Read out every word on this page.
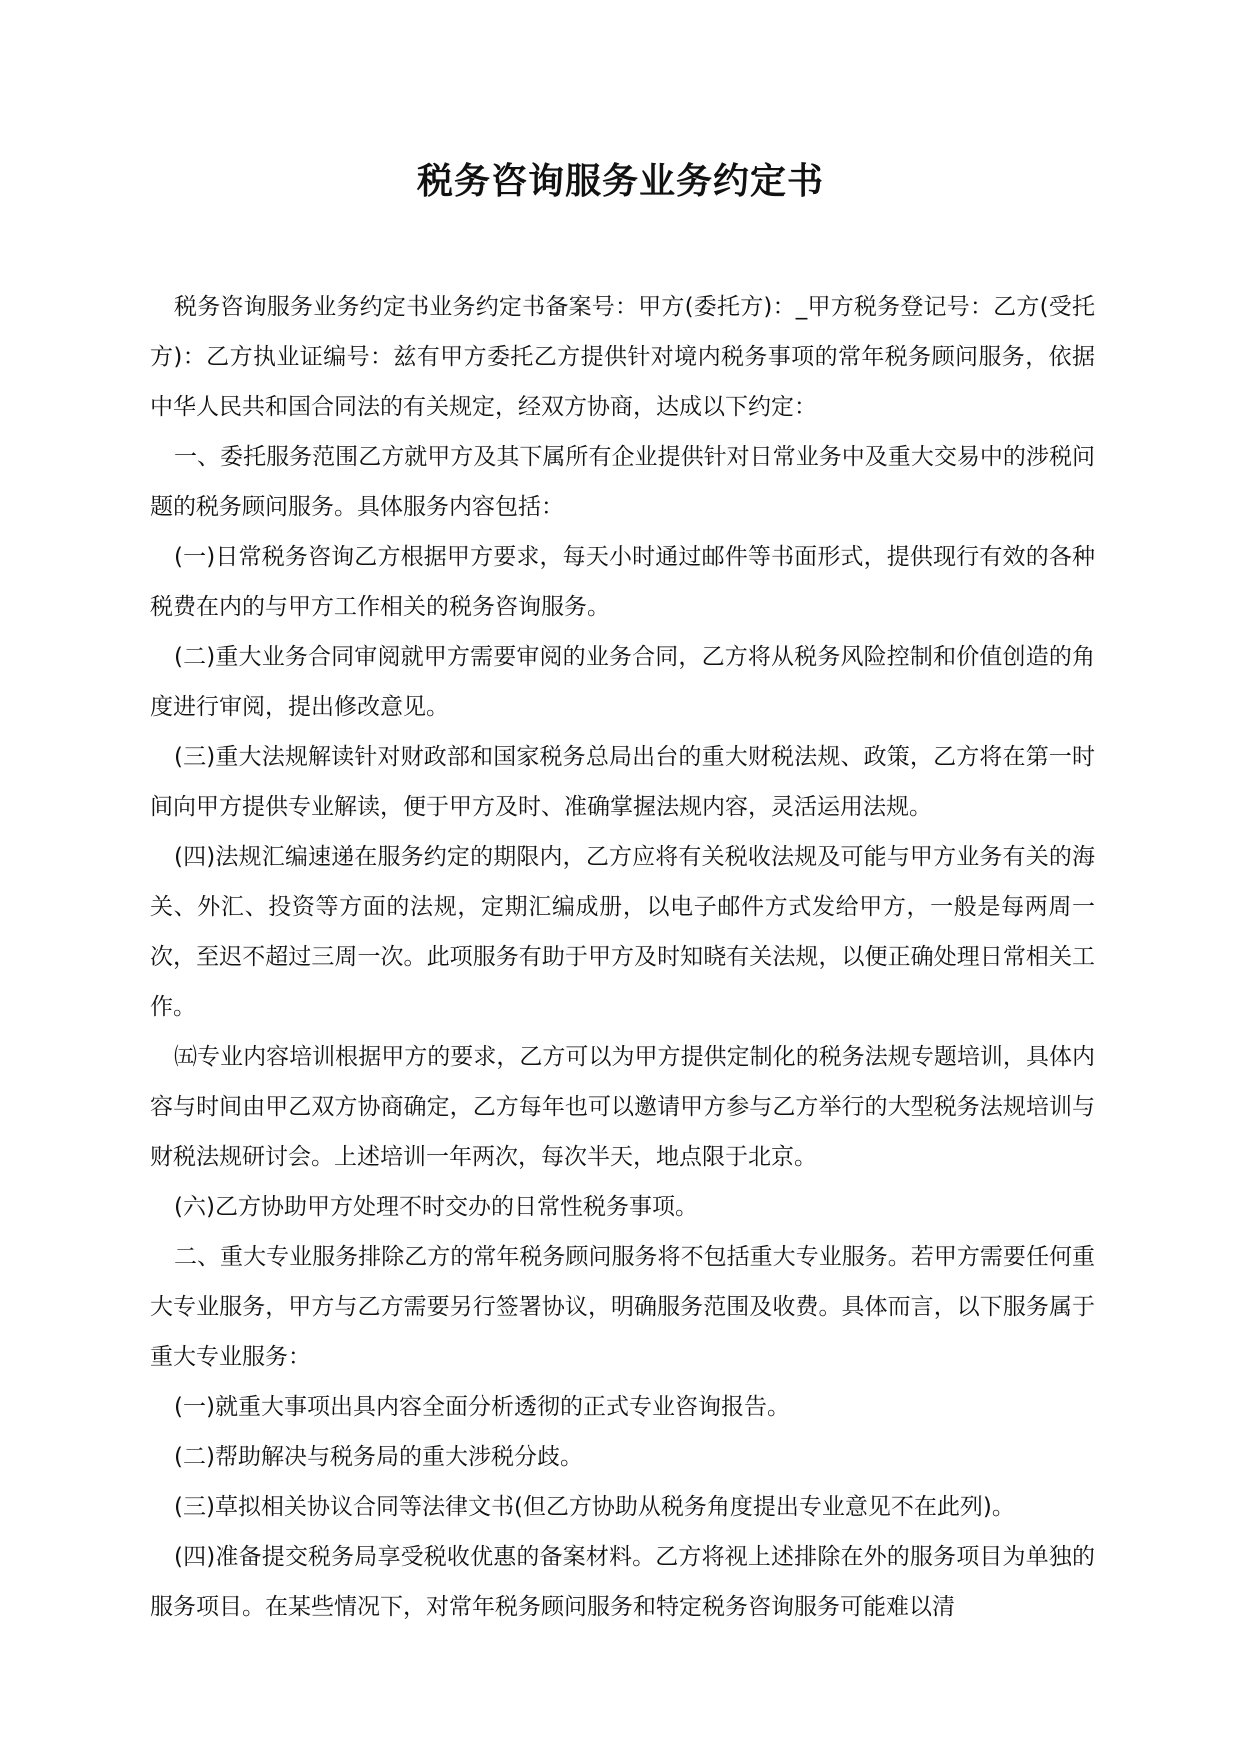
税务咨询服务业务约定书

税务咨询服务业务约定书业务约定书备案号：甲方(委托方)：_甲方税务登记号：乙方(受托方)：乙方执业证编号：兹有甲方委托乙方提供针对境内税务事项的常年税务顾问服务，依据中华人民共和国合同法的有关规定，经双方协商，达成以下约定：

一、委托服务范围乙方就甲方及其下属所有企业提供针对日常业务中及重大交易中的涉税问题的税务顾问服务。具体服务内容包括：

(一)日常税务咨询乙方根据甲方要求，每天小时通过邮件等书面形式，提供现行有效的各种税费在内的与甲方工作相关的税务咨询服务。

(二)重大业务合同审阅就甲方需要审阅的业务合同，乙方将从税务风险控制和价值创造的角度进行审阅，提出修改意见。

(三)重大法规解读针对财政部和国家税务总局出台的重大财税法规、政策，乙方将在第一时间向甲方提供专业解读，便于甲方及时、准确掌握法规内容，灵活运用法规。

(四)法规汇编速递在服务约定的期限内，乙方应将有关税收法规及可能与甲方业务有关的海关、外汇、投资等方面的法规，定期汇编成册，以电子邮件方式发给甲方，一般是每两周一次，至迟不超过三周一次。此项服务有助于甲方及时知晓有关法规，以便正确处理日常相关工作。

㈤专业内容培训根据甲方的要求，乙方可以为甲方提供定制化的税务法规专题培训，具体内容与时间由甲乙双方协商确定，乙方每年也可以邀请甲方参与乙方举行的大型税务法规培训与财税法规研讨会。上述培训一年两次，每次半天，地点限于北京。

(六)乙方协助甲方处理不时交办的日常性税务事项。

二、重大专业服务排除乙方的常年税务顾问服务将不包括重大专业服务。若甲方需要任何重大专业服务，甲方与乙方需要另行签署协议，明确服务范围及收费。具体而言，以下服务属于重大专业服务：

(一)就重大事项出具内容全面分析透彻的正式专业咨询报告。

(二)帮助解决与税务局的重大涉税分歧。

(三)草拟相关协议合同等法律文书(但乙方协助从税务角度提出专业意见不在此列)。

(四)准备提交税务局享受税收优惠的备案材料。乙方将视上述排除在外的服务项目为单独的服务项目。在某些情况下，对常年税务顾问服务和特定税务咨询服务可能难以清
